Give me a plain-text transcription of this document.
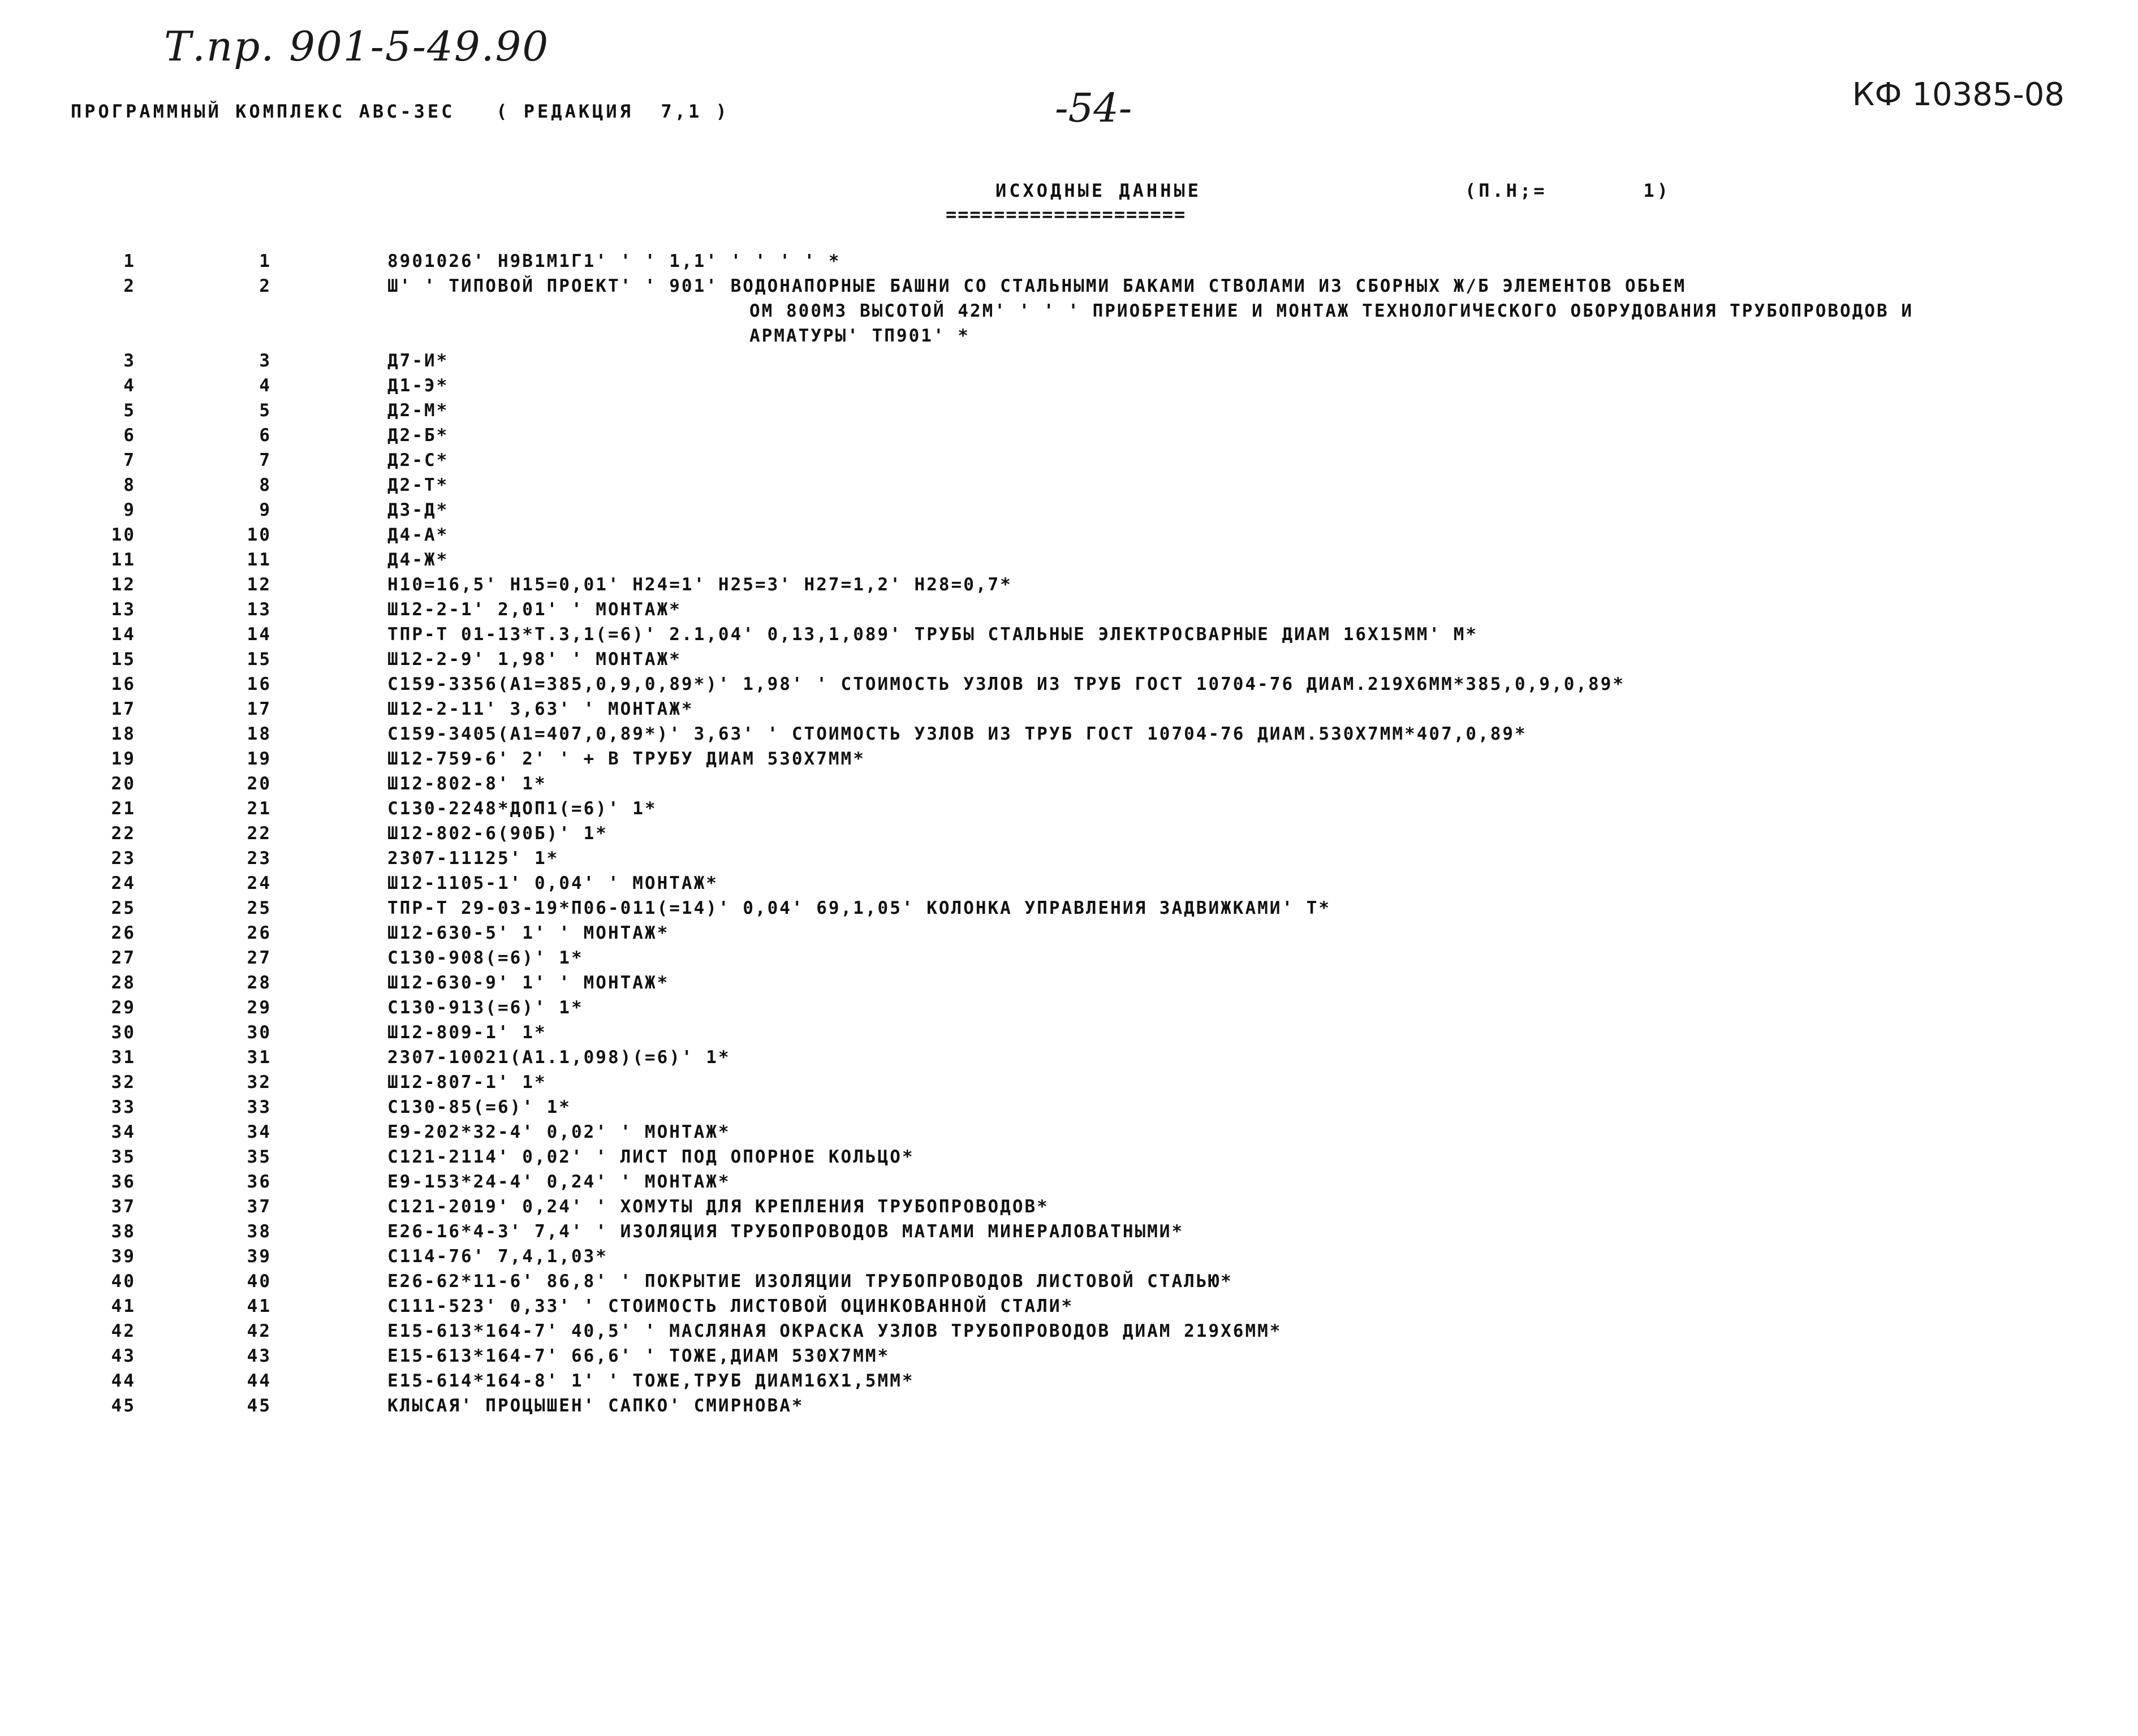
Т.пр. 901-5-49.90
-54-	КФ 10385-08
ПРОГРАММНЫЙ КОМПЛЕКС АВС-3ЕС   ( РЕДАКЦИЯ  7,1 )
ИСХОДНЫЕ ДАННЫЕ
====================
(П.Н;=       1)
1	1	8901026' Н9В1М1Г1' ' ' 1,1' ' ' ' ' *
2	2	Ш' ' ТИПОВОЙ ПРОЕКТ' ' 901' ВОДОНАПОРНЫЕ БАШНИ СО СТАЛЬНЫМИ БАКАМИ СТВОЛАМИ ИЗ СБОРНЫХ Ж/Б ЭЛЕМЕНТОВ ОБЬЕМ
ОМ 800М3 ВЫСОТОЙ 42М' ' ' ' ПРИОБРЕТЕНИЕ И МОНТАЖ ТЕХНОЛОГИЧЕСКОГО ОБОРУДОВАНИЯ ТРУБОПРОВОДОВ И
АРМАТУРЫ' ТП901' *
3	3	Д7-И*
4	4	Д1-Э*
5	5	Д2-М*
6	6	Д2-Б*
7	7	Д2-С*
8	8	Д2-Т*
9	9	Д3-Д*
10	10	Д4-А*
11	11	Д4-Ж*
12	12	Н10=16,5' Н15=0,01' Н24=1' Н25=3' Н27=1,2' Н28=0,7*
13	13	Ш12-2-1' 2,01' ' МОНТАЖ*
14	14	ТПР-Т 01-13*Т.3,1(=6)' 2.1,04' 0,13,1,089' ТРУБЫ СТАЛЬНЫЕ ЭЛЕКТРОСВАРНЫЕ ДИАМ 16Х15ММ' М*
15	15	Ш12-2-9' 1,98' ' МОНТАЖ*
16	16	С159-3356(А1=385,0,9,0,89*)' 1,98' ' СТОИМОСТЬ УЗЛОВ ИЗ ТРУБ ГОСТ 10704-76 ДИАМ.219Х6ММ*385,0,9,0,89*
17	17	Ш12-2-11' 3,63' ' МОНТАЖ*
18	18	С159-3405(А1=407,0,89*)' 3,63' ' СТОИМОСТЬ УЗЛОВ ИЗ ТРУБ ГОСТ 10704-76 ДИАМ.530Х7ММ*407,0,89*
19	19	Ш12-759-6' 2' ' + В ТРУБУ ДИАМ 530Х7ММ*
20	20	Ш12-802-8' 1*
21	21	С130-2248*ДОП1(=6)' 1*
22	22	Ш12-802-6(90Б)' 1*
23	23	2307-11125' 1*
24	24	Ш12-1105-1' 0,04' ' МОНТАЖ*
25	25	ТПР-Т 29-03-19*П06-011(=14)' 0,04' 69,1,05' КОЛОНКА УПРАВЛЕНИЯ ЗАДВИЖКАМИ' Т*
26	26	Ш12-630-5' 1' ' МОНТАЖ*
27	27	С130-908(=6)' 1*
28	28	Ш12-630-9' 1' ' МОНТАЖ*
29	29	С130-913(=6)' 1*
30	30	Ш12-809-1' 1*
31	31	2307-10021(А1.1,098)(=6)' 1*
32	32	Ш12-807-1' 1*
33	33	С130-85(=6)' 1*
34	34	Е9-202*32-4' 0,02' ' МОНТАЖ*
35	35	С121-2114' 0,02' ' ЛИСТ ПОД ОПОРНОЕ КОЛЬЦО*
36	36	Е9-153*24-4' 0,24' ' МОНТАЖ*
37	37	С121-2019' 0,24' ' ХОМУТЫ ДЛЯ КРЕПЛЕНИЯ ТРУБОПРОВОДОВ*
38	38	Е26-16*4-3' 7,4' ' ИЗОЛЯЦИЯ ТРУБОПРОВОДОВ МАТАМИ МИНЕРАЛОВАТНЫМИ*
39	39	С114-76' 7,4,1,03*
40	40	Е26-62*11-6' 86,8' ' ПОКРЫТИЕ ИЗОЛЯЦИИ ТРУБОПРОВОДОВ ЛИСТОВОЙ СТАЛЬЮ*
41	41	С111-523' 0,33' ' СТОИМОСТЬ ЛИСТОВОЙ ОЦИНКОВАННОЙ СТАЛИ*
42	42	Е15-613*164-7' 40,5' ' МАСЛЯНАЯ ОКРАСКА УЗЛОВ ТРУБОПРОВОДОВ ДИАМ 219Х6ММ*
43	43	Е15-613*164-7' 66,6' ' ТОЖЕ,ДИАМ 530Х7ММ*
44	44	Е15-614*164-8' 1' ' ТОЖЕ,ТРУБ ДИАМ16Х1,5ММ*
45	45	КЛЫСАЯ' ПРОЦЫШЕН' САПКО' СМИРНОВА*
